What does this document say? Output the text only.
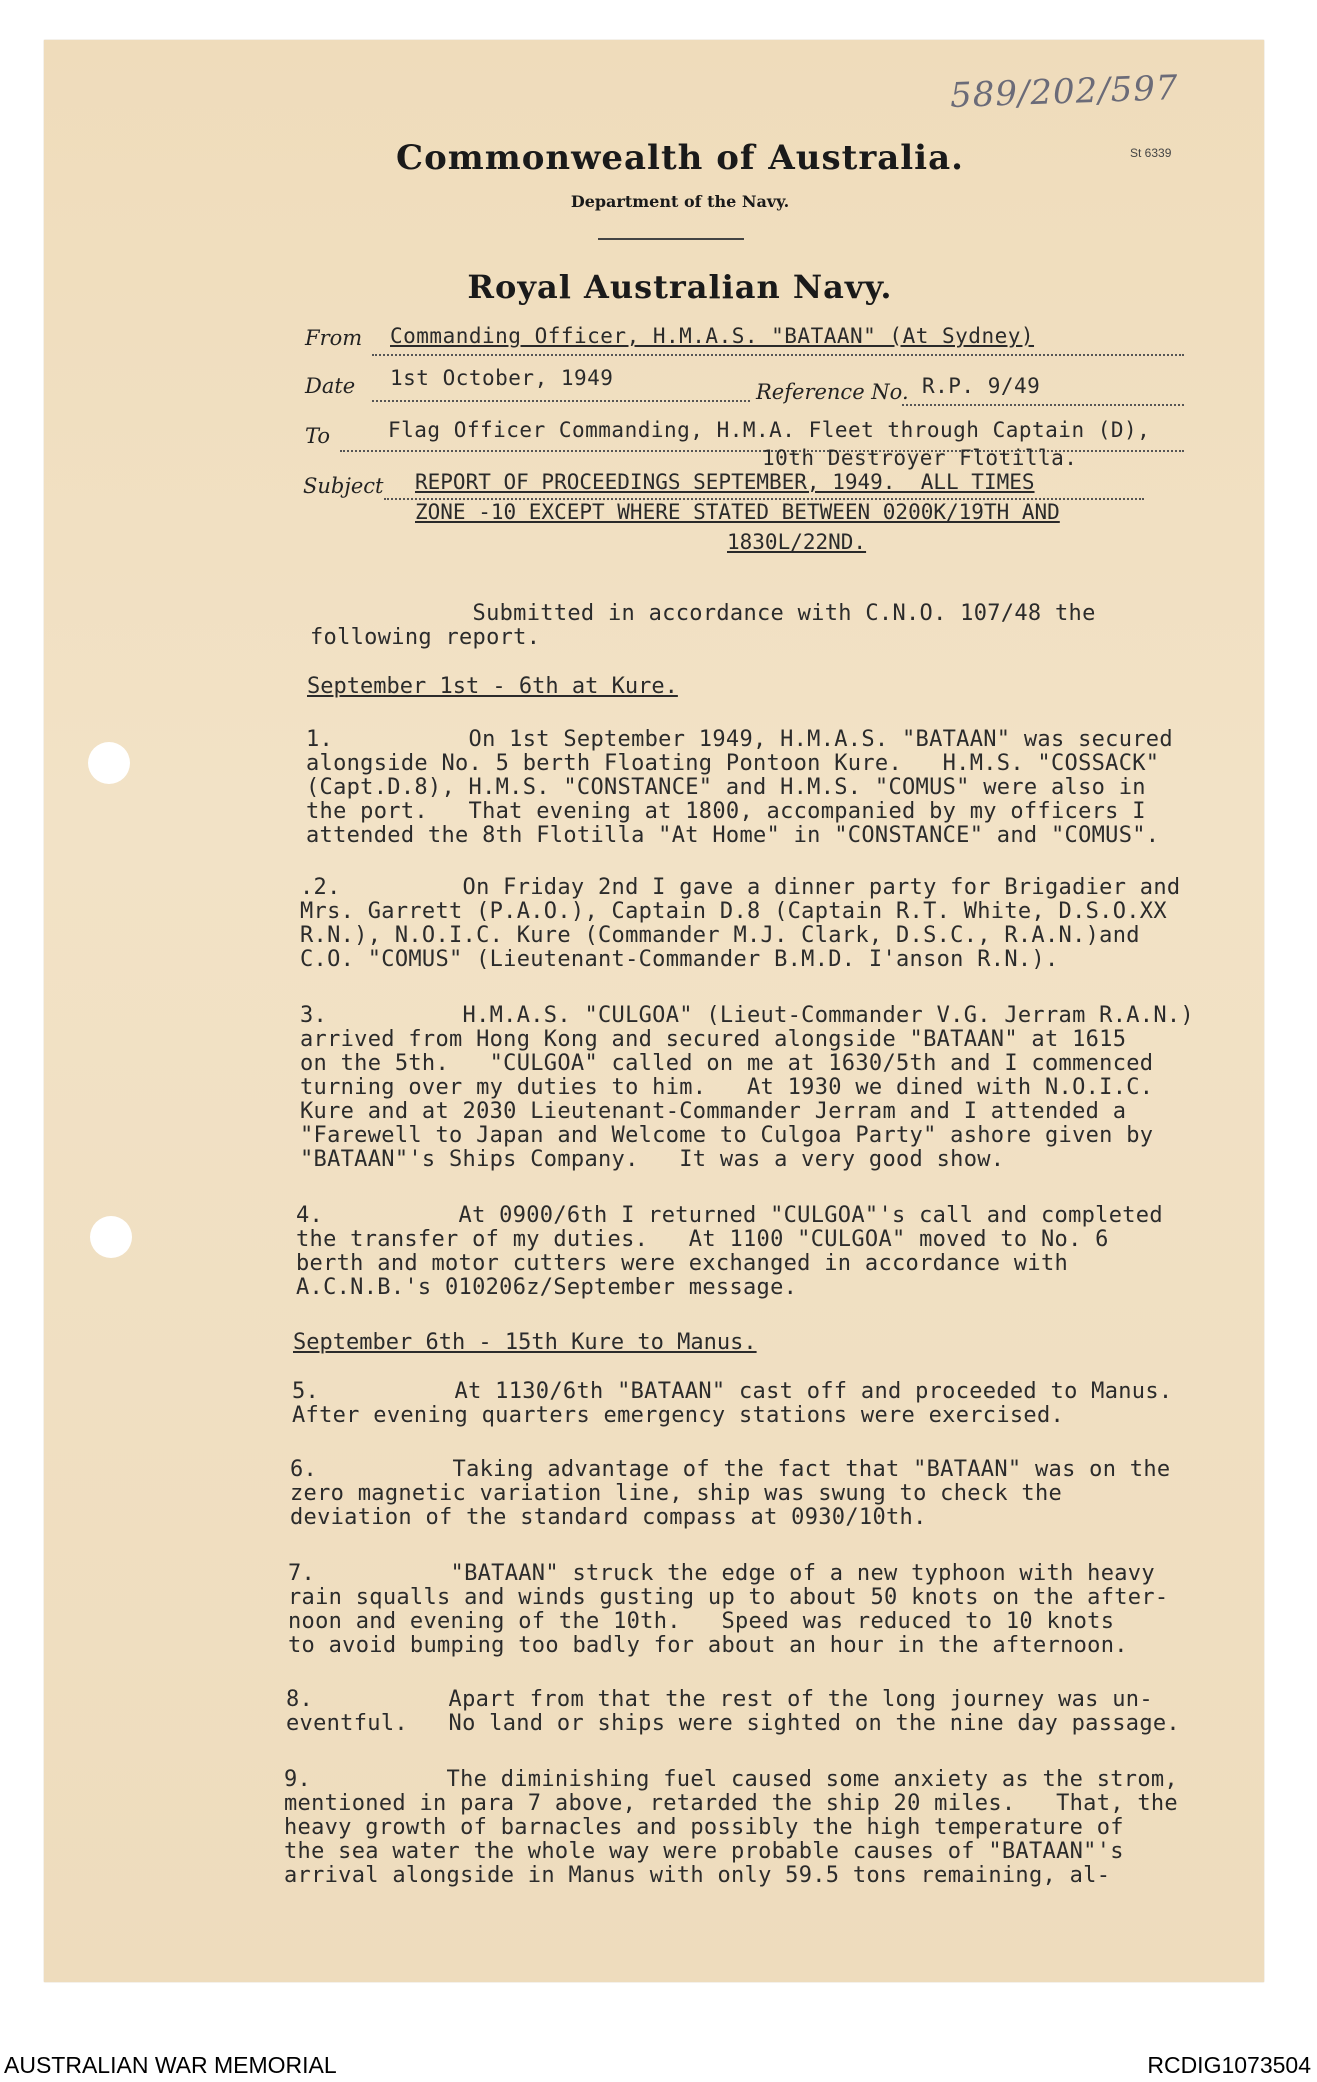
589/202/597
St 6339
Commonwealth of Australia.
Department of the Navy.
Royal Australian Navy.
From Commanding Officer, H.M.A.S. "BATAAN" (At Sydney)
Date 1st October, 1949
Reference No. R.P. 9/49
To	Flag Officer Commanding, H.M.A. Fleet through Captain (D),
10th Destroyer Flotilla.
Subject REPORT OF PROCEEDINGS SEPTEMBER, 1949.  ALL TIMES
ZONE -10 EXCEPT WHERE STATED BETWEEN 0200K/19TH AND
1830L/22ND.
Submitted in accordance with C.N.O. 107/48 the
following report.
September 1st - 6th at Kure.
1.          On 1st September 1949, H.M.A.S. "BATAAN" was secured
alongside No. 5 berth Floating Pontoon Kure.   H.M.S. "COSSACK"
(Capt.D.8), H.M.S. "CONSTANCE" and H.M.S. "COMUS" were also in
the port.   That evening at 1800, accompanied by my officers I
attended the 8th Flotilla "At Home" in "CONSTANCE" and "COMUS".
.2.         On Friday 2nd I gave a dinner party for Brigadier and
Mrs. Garrett (P.A.O.), Captain D.8 (Captain R.T. White, D.S.O.XX
R.N.), N.O.I.C. Kure (Commander M.J. Clark, D.S.C., R.A.N.)and
C.O. "COMUS" (Lieutenant-Commander B.M.D. I'anson R.N.).
3.          H.M.A.S. "CULGOA" (Lieut-Commander V.G. Jerram R.A.N.)
arrived from Hong Kong and secured alongside "BATAAN" at 1615
on the 5th.   "CULGOA" called on me at 1630/5th and I commenced
turning over my duties to him.   At 1930 we dined with N.O.I.C.
Kure and at 2030 Lieutenant-Commander Jerram and I attended a
"Farewell to Japan and Welcome to Culgoa Party" ashore given by
"BATAAN"'s Ships Company.   It was a very good show.
4.          At 0900/6th I returned "CULGOA"'s call and completed
the transfer of my duties.   At 1100 "CULGOA" moved to No. 6
berth and motor cutters were exchanged in accordance with
A.C.N.B.'s 010206z/September message.
September 6th - 15th Kure to Manus.
5.          At 1130/6th "BATAAN" cast off and proceeded to Manus.
After evening quarters emergency stations were exercised.
6.          Taking advantage of the fact that "BATAAN" was on the
zero magnetic variation line, ship was swung to check the
deviation of the standard compass at 0930/10th.
7.          "BATAAN" struck the edge of a new typhoon with heavy
rain squalls and winds gusting up to about 50 knots on the after-
noon and evening of the 10th.   Speed was reduced to 10 knots
to avoid bumping too badly for about an hour in the afternoon.
8.          Apart from that the rest of the long journey was un-
eventful.   No land or ships were sighted on the nine day passage.
9.          The diminishing fuel caused some anxiety as the strom,
mentioned in para 7 above, retarded the ship 20 miles.   That, the
heavy growth of barnacles and possibly the high temperature of
the sea water the whole way were probable causes of "BATAAN"'s
arrival alongside in Manus with only 59.5 tons remaining, al-
AUSTRALIAN WAR MEMORIAL	RCDIG1073504
